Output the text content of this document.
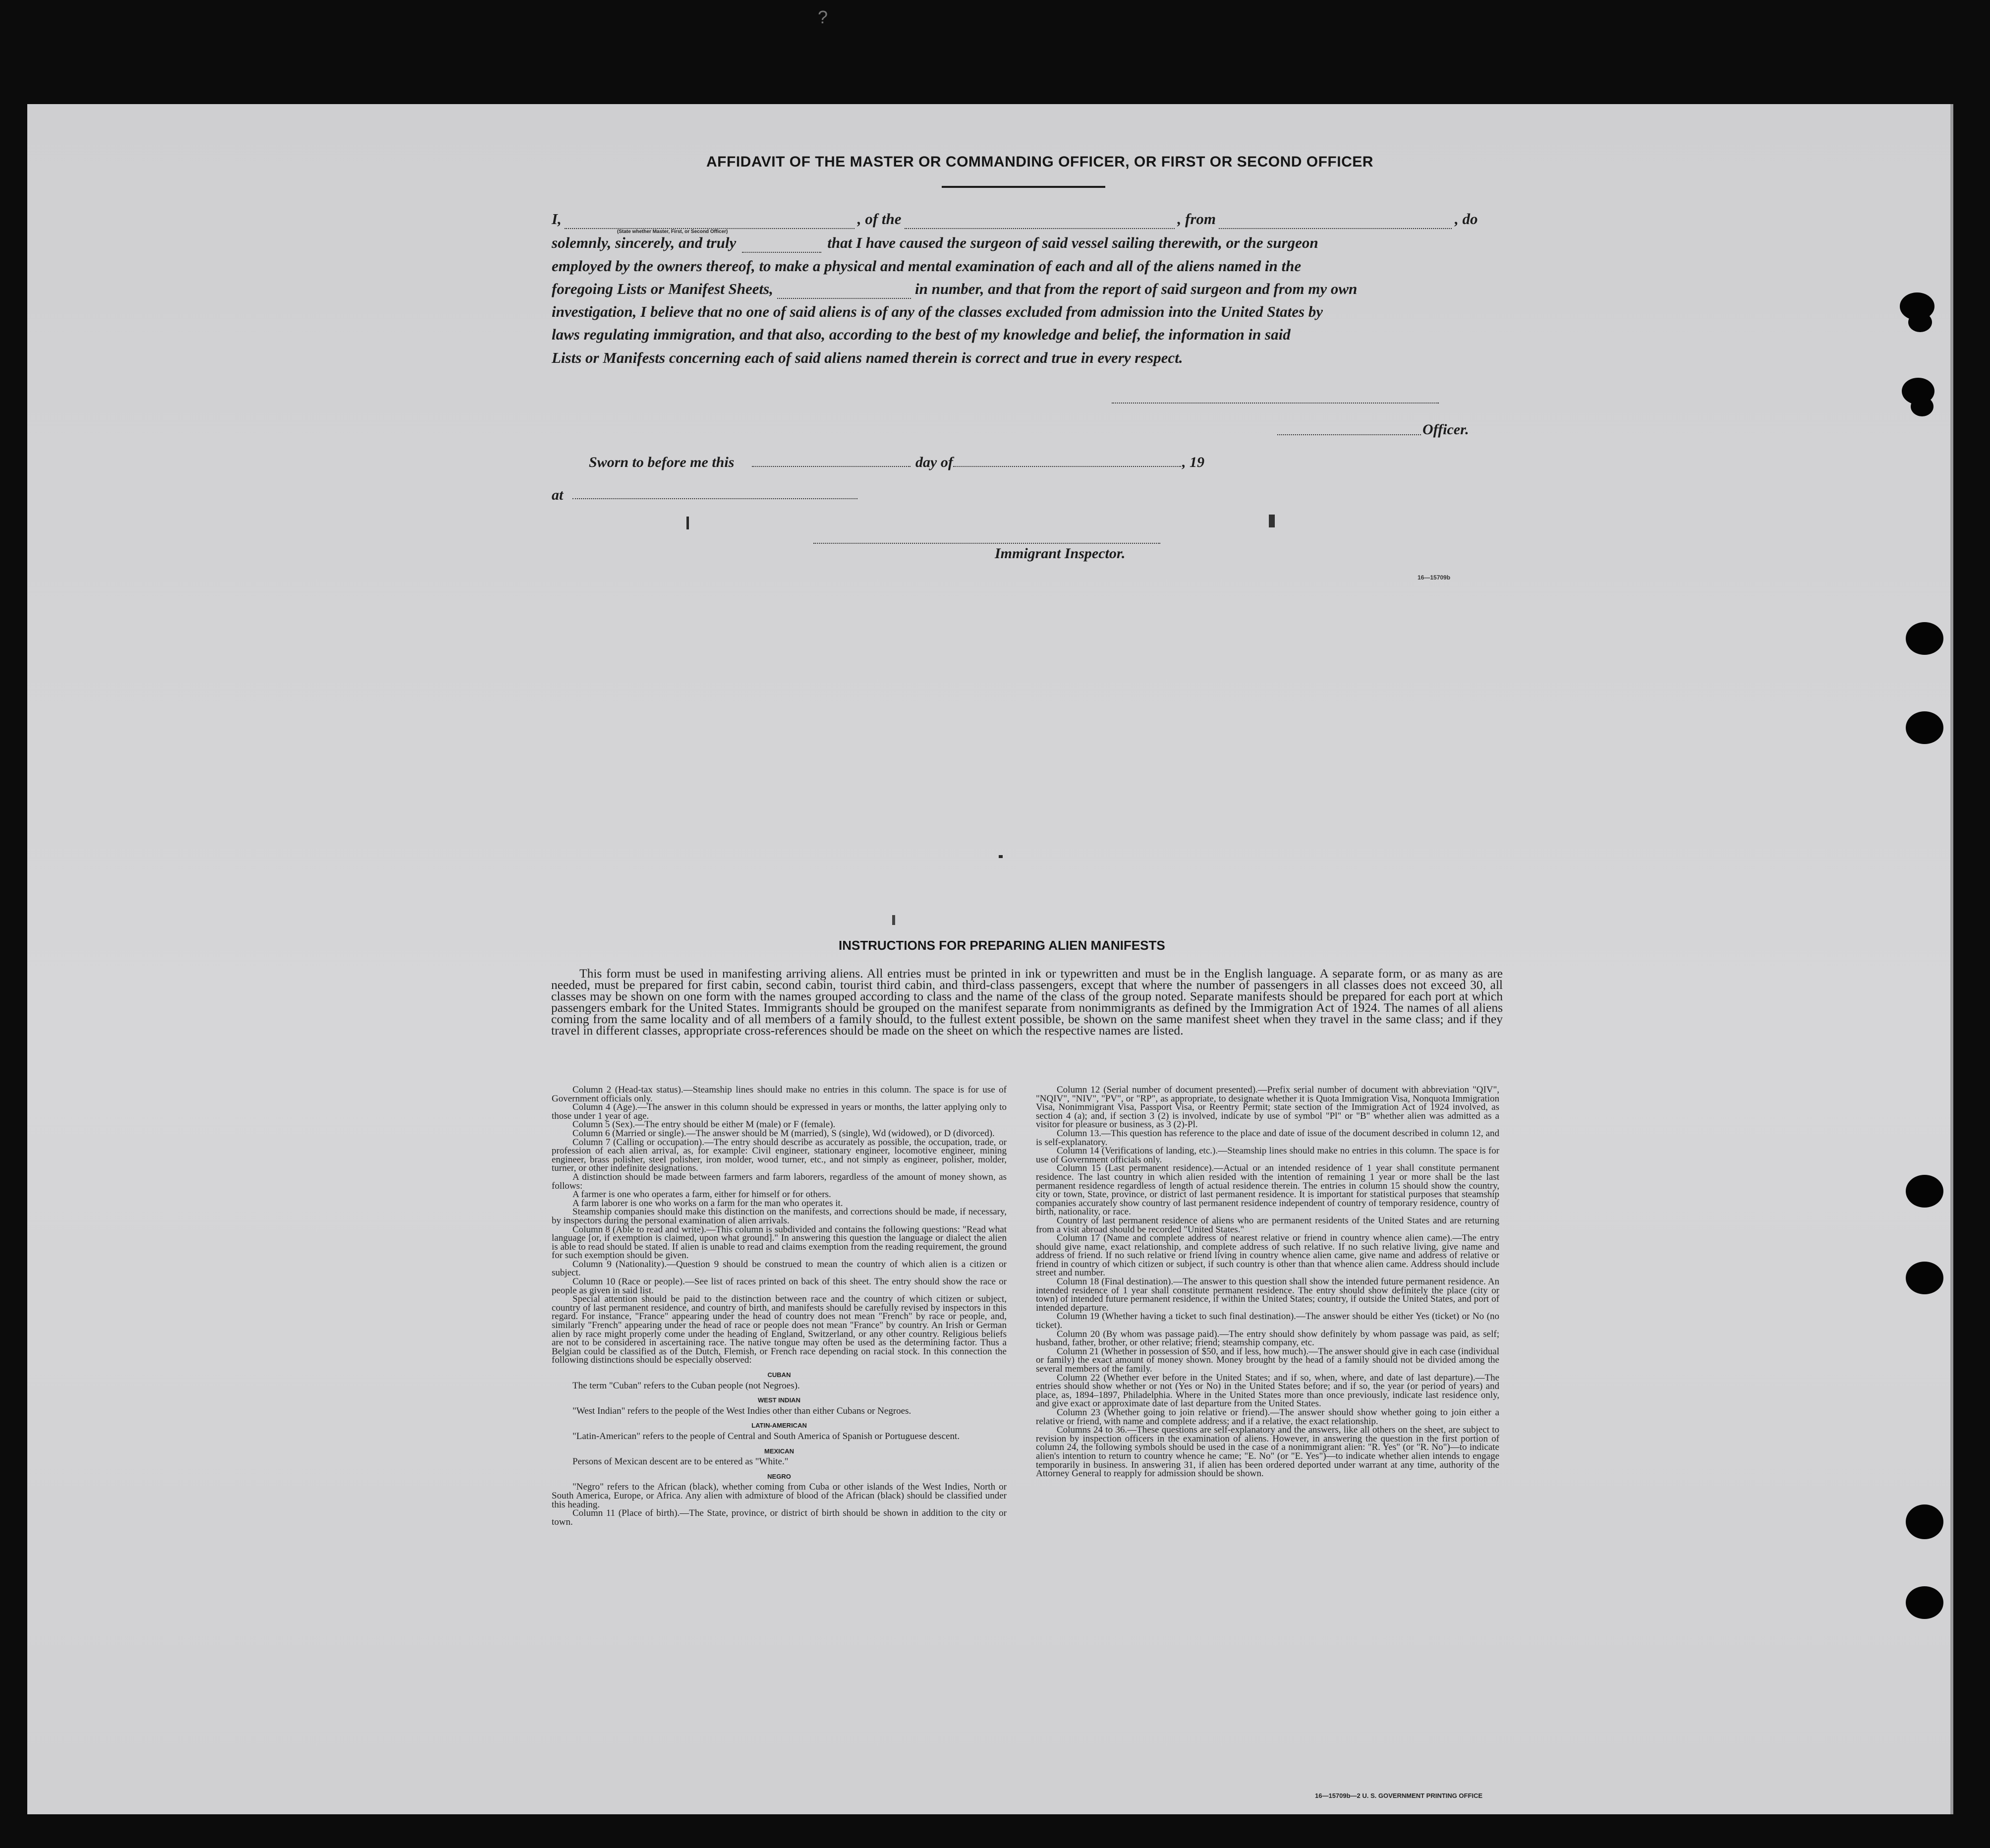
?
AFFIDAVIT OF THE MASTER OR COMMANDING OFFICER, OR FIRST OR SECOND OFFICER
I,	, of the	, from	, do
(State whether Master, First, or Second Officer)
solemnly, sincerely, and truly	that I have caused the surgeon of said vessel sailing therewith, or the surgeon
employed by the owners thereof, to make a physical and mental examination of each and all of the aliens named in the
foregoing Lists or Manifest Sheets,	in number, and that from the report of said surgeon and from my own
investigation, I believe that no one of said aliens is of any of the classes excluded from admission into the United States by
laws regulating immigration, and that also, according to the best of my knowledge and belief, the information in said
Lists or Manifests concerning each of said aliens named therein is correct and true in every respect.
Officer.
Sworn to before me this	day of	, 19
at
Immigrant Inspector.
16—15709b
INSTRUCTIONS FOR PREPARING ALIEN MANIFESTS
This form must be used in manifesting arriving aliens. All entries must be printed in ink or typewritten and must be in the English language. A separate form, or as many as are needed, must be prepared for first cabin, second cabin, tourist third cabin, and third-class passengers, except that where the number of passengers in all classes does not exceed 30, all classes may be shown on one form with the names grouped according to class and the name of the class of the group noted. Separate manifests should be prepared for each port at which passengers embark for the United States. Immigrants should be grouped on the manifest separate from nonimmigrants as defined by the Immigration Act of 1924. The names of all aliens coming from the same locality and of all members of a family should, to the fullest extent possible, be shown on the same manifest sheet when they travel in the same class; and if they travel in different classes, appropriate cross-references should be made on the sheet on which the respective names are listed.

Column 2 (Head-tax status).—Steamship lines should make no entries in this column. The space is for use of Government officials only.

Column 4 (Age).—The answer in this column should be expressed in years or months, the latter applying only to those under 1 year of age.

Column 5 (Sex).—The entry should be either M (male) or F (female).

Column 6 (Married or single).—The answer should be M (married), S (single), Wd (widowed), or D (divorced).

Column 7 (Calling or occupation).—The entry should describe as accurately as possible, the occupation, trade, or profession of each alien arrival, as, for example: Civil engineer, stationary engineer, locomotive engineer, mining engineer, brass polisher, steel polisher, iron molder, wood turner, etc., and not simply as engineer, polisher, molder, turner, or other indefinite designations.

A distinction should be made between farmers and farm laborers, regardless of the amount of money shown, as follows:

A farmer is one who operates a farm, either for himself or for others.

A farm laborer is one who works on a farm for the man who operates it.

Steamship companies should make this distinction on the manifests, and corrections should be made, if necessary, by inspectors during the personal examination of alien arrivals.

Column 8 (Able to read and write).—This column is subdivided and contains the following questions: "Read what language [or, if exemption is claimed, upon what ground]." In answering this question the language or dialect the alien is able to read should be stated. If alien is unable to read and claims exemption from the reading requirement, the ground for such exemption should be given.

Column 9 (Nationality).—Question 9 should be construed to mean the country of which alien is a citizen or subject.

Column 10 (Race or people).—See list of races printed on back of this sheet. The entry should show the race or people as given in said list.

Special attention should be paid to the distinction between race and the country of which citizen or subject, country of last permanent residence, and country of birth, and manifests should be carefully revised by inspectors in this regard. For instance, "France" appearing under the head of country does not mean "French" by race or people, and, similarly "French" appearing under the head of race or people does not mean "France" by country. An Irish or German alien by race might properly come under the heading of England, Switzerland, or any other country. Religious beliefs are not to be considered in ascertaining race. The native tongue may often be used as the determining factor. Thus a Belgian could be classified as of the Dutch, Flemish, or French race depending on racial stock. In this connection the following distinctions should be especially observed:

CUBAN

The term "Cuban" refers to the Cuban people (not Negroes).

WEST INDIAN

"West Indian" refers to the people of the West Indies other than either Cubans or Negroes.

LATIN-AMERICAN

"Latin-American" refers to the people of Central and South America of Spanish or Portuguese descent.

MEXICAN

Persons of Mexican descent are to be entered as "White."

NEGRO

"Negro" refers to the African (black), whether coming from Cuba or other islands of the West Indies, North or South America, Europe, or Africa. Any alien with admixture of blood of the African (black) should be classified under this heading.

Column 11 (Place of birth).—The State, province, or district of birth should be shown in addition to the city or town.

Column 12 (Serial number of document presented).—Prefix serial number of document with abbreviation "QIV", "NQIV", "NIV", "PV", or "RP", as appropriate, to designate whether it is Quota Immigration Visa, Nonquota Immigration Visa, Nonimmigrant Visa, Passport Visa, or Reentry Permit; state section of the Immigration Act of 1924 involved, as section 4 (a); and, if section 3 (2) is involved, indicate by use of symbol "Pl" or "B" whether alien was admitted as a visitor for pleasure or business, as 3 (2)-Pl.

Column 13.—This question has reference to the place and date of issue of the document described in column 12, and is self-explanatory.

Column 14 (Verifications of landing, etc.).—Steamship lines should make no entries in this column. The space is for use of Government officials only.

Column 15 (Last permanent residence).—Actual or an intended residence of 1 year shall constitute permanent residence. The last country in which alien resided with the intention of remaining 1 year or more shall be the last permanent residence regardless of length of actual residence therein. The entries in column 15 should show the country, city or town, State, province, or district of last permanent residence. It is important for statistical purposes that steamship companies accurately show country of last permanent residence independent of country of temporary residence, country of birth, nationality, or race.

Country of last permanent residence of aliens who are permanent residents of the United States and are returning from a visit abroad should be recorded "United States."

Column 17 (Name and complete address of nearest relative or friend in country whence alien came).—The entry should give name, exact relationship, and complete address of such relative. If no such relative living, give name and address of friend. If no such relative or friend living in country whence alien came, give name and address of relative or friend in country of which citizen or subject, if such country is other than that whence alien came. Address should include street and number.

Column 18 (Final destination).—The answer to this question shall show the intended future permanent residence. An intended residence of 1 year shall constitute permanent residence. The entry should show definitely the place (city or town) of intended future permanent residence, if within the United States; country, if outside the United States, and port of intended departure.

Column 19 (Whether having a ticket to such final destination).—The answer should be either Yes (ticket) or No (no ticket).

Column 20 (By whom was passage paid).—The entry should show definitely by whom passage was paid, as self; husband, father, brother, or other relative; friend; steamship company, etc.

Column 21 (Whether in possession of $50, and if less, how much).—The answer should give in each case (individual or family) the exact amount of money shown. Money brought by the head of a family should not be divided among the several members of the family.

Column 22 (Whether ever before in the United States; and if so, when, where, and date of last departure).—The entries should show whether or not (Yes or No) in the United States before; and if so, the year (or period of years) and place, as, 1894–1897, Philadelphia. Where in the United States more than once previously, indicate last residence only, and give exact or approximate date of last departure from the United States.

Column 23 (Whether going to join relative or friend).—The answer should show whether going to join either a relative or friend, with name and complete address; and if a relative, the exact relationship.

Columns 24 to 36.—These questions are self-explanatory and the answers, like all others on the sheet, are subject to revision by inspection officers in the examination of aliens. However, in answering the question in the first portion of column 24, the following symbols should be used in the case of a nonimmigrant alien: "R. Yes" (or "R. No")—to indicate alien's intention to return to country whence he came; "E. No" (or "E. Yes")—to indicate whether alien intends to engage temporarily in business. In answering 31, if alien has been ordered deported under warrant at any time, authority of the Attorney General to reapply for admission should be shown.

16—15709b—2 U. S. GOVERNMENT PRINTING OFFICE
